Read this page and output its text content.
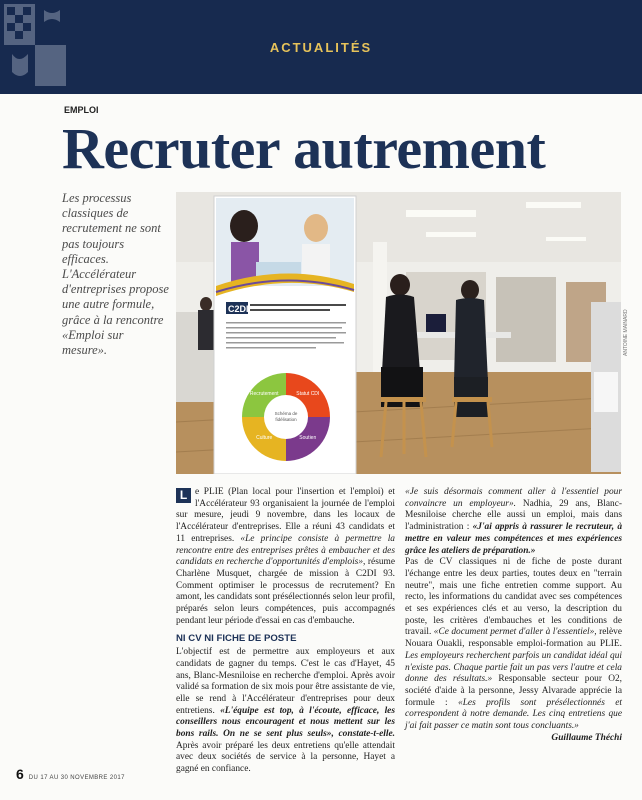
ACTUALITÉS
EMPLOI
Recruter autrement
Les processus classiques de recrutement ne sont pas toujours efficaces. L'Accélérateur d'entreprises propose une autre formule, grâce à la rencontre «Emploi sur mesure».
C2DI
Statut CDI
Soutien
Culture
Recrutement
Schéma de
fidélisation
ANTOINE MAINARD

L e PLIE (Plan local pour l'insertion et l'emploi) et l'Accélérateur 93 organisaient la journée de l'emploi sur mesure, jeudi 9 novembre, dans les locaux de l'Accélérateur d'entreprises. Elle a réuni 43 candidats et 11 entreprises. «Le principe consiste à permettre la rencontre entre des entreprises prêtes à embaucher et des candidats en recherche d'opportunités d'emplois», résume Charlène Musquet, chargée de mission à C2DI 93. Comment optimiser le processus de recrutement? En amont, les candidats sont présélectionnés selon leur profil, préparés selon leurs compétences, puis accompagnés pendant leur période d'essai en cas d'embauche.

NI CV NI FICHE DE POSTE

L'objectif est de permettre aux employeurs et aux candidats de gagner du temps. C'est le cas d'Hayet, 45 ans, Blanc-Mesniloise en recherche d'emploi. Après avoir validé sa formation de six mois pour être assistante de vie, elle se rend à l'Accélérateur d'entreprises pour deux entretiens. «L'équipe est top, à l'écoute, efficace, les conseillers nous encouragent et nous mettent sur les bons rails. On ne se sent plus seuls», constate-t-elle. Après avoir préparé les deux entretiens qu'elle attendait avec deux sociétés de service à la personne, Hayet a gagné en confiance.

«Je suis désormais comment aller à l'essentiel pour convaincre un employeur». Nadhia, 29 ans, Blanc-Mesniloise cherche elle aussi un emploi, mais dans l'administration : «J'ai appris à rassurer le recruteur, à mettre en valeur mes compétences et mes expériences grâce les ateliers de préparation.»

Pas de CV classiques ni de fiche de poste durant l'échange entre les deux parties, toutes deux en "terrain neutre", mais une fiche entretien comme support. Au recto, les informations du candidat avec ses compétences et ses expériences clés et au verso, la description du poste, les critères d'embauches et les conditions de travail. «Ce document permet d'aller à l'essentiel», relève Nouara Ouakli, responsable emploi-formation au PLIE. Les employeurs recherchent parfois un candidat idéal qui n'existe pas. Chaque partie fait un pas vers l'autre et cela donne des résultats.» Responsable secteur pour O2, société d'aide à la personne, Jessy Alvarade apprécie la formule : «Les profils sont présélectionnés et correspondent à notre demande. Les cinq entretiens que j'ai fait passer ce matin sont tous concluants.»

Guillaume Théchi

6 DU 17 AU 30 NOVEMBRE 2017
